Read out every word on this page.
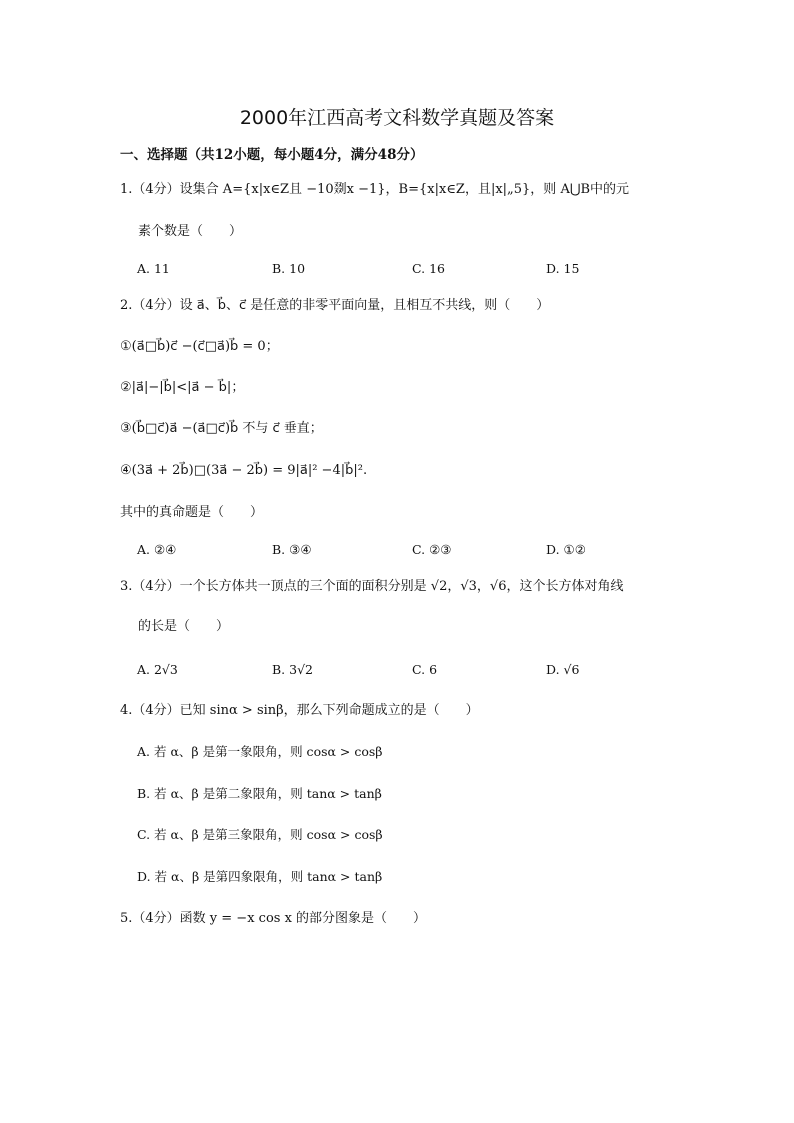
2000年江西高考文科数学真题及答案
一、选择题（共12小题，每小题4分，满分48分）
1.（4分）设集合 A={x|x∈Z且 −10剟x −1}，B={x|x∈Z，且|x|„5}，则 A⋃B中的元
素个数是（　　）
A. 11	B. 10	C. 16	D. 15
2.（4分）设 a⃗、b⃗、c⃗ 是任意的非零平面向量，且相互不共线，则（　　）
①(a⃗□b⃗)c⃗ −(c⃗□a⃗)b⃗ = 0；
②|a⃗|−|b⃗|<|a⃗ − b⃗|；
③(b⃗□c⃗)a⃗ −(a⃗□c⃗)b⃗ 不与 c⃗ 垂直；
④(3a⃗ + 2b⃗)□(3a⃗ − 2b⃗) = 9|a⃗|² −4|b⃗|².
其中的真命题是（　　）
A. ②④	B. ③④	C. ②③	D. ①②
3.（4分）一个长方体共一顶点的三个面的面积分别是 √2，√3，√6，这个长方体对角线
的长是（　　）
A. 2√3	B. 3√2	C. 6	D. √6
4.（4分）已知 sinα > sinβ，那么下列命题成立的是（　　）
A. 若 α、β 是第一象限角，则 cosα > cosβ
B. 若 α、β 是第二象限角，则 tanα > tanβ
C. 若 α、β 是第三象限角，则 cosα > cosβ
D. 若 α、β 是第四象限角，则 tanα > tanβ
5.（4分）函数 y = −x cos x 的部分图象是（　　）
